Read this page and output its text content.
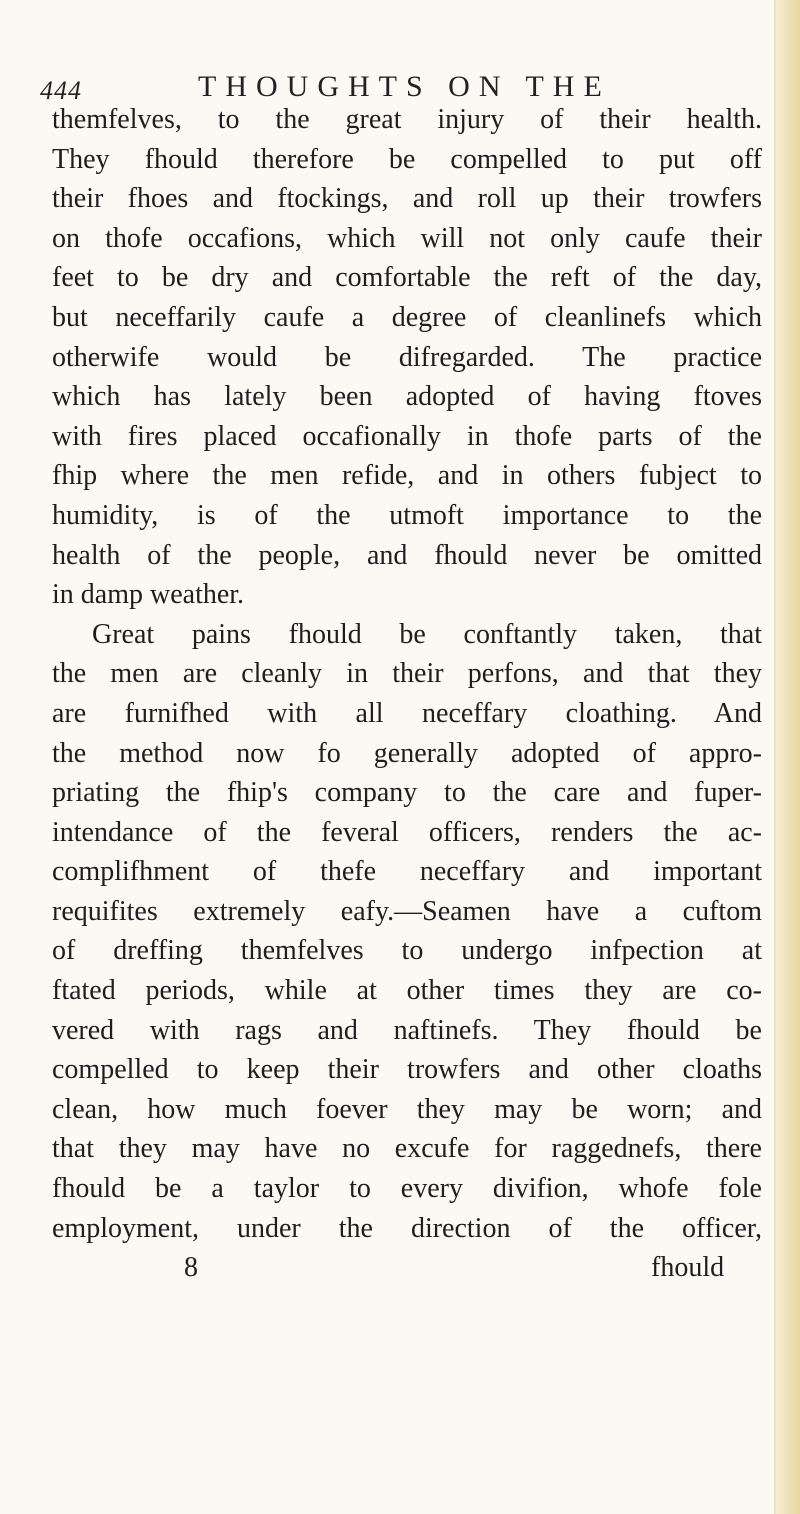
444	THOUGHTS ON THE
themfelves, to the great injury of their health.
They fhould therefore be compelled to put off
their fhoes and ftockings, and roll up their trowfers
on thofe occafions, which will not only caufe their
feet to be dry and comfortable the reft of the day,
but neceffarily caufe a degree of cleanlinefs which
otherwife would be difregarded. The practice
which has lately been adopted of having ftoves
with fires placed occafionally in thofe parts of the
fhip where the men refide, and in others fubject to
humidity, is of the utmoft importance to the
health of the people, and fhould never be omitted
in damp weather.
Great pains fhould be conftantly taken, that
the men are cleanly in their perfons, and that they
are furnifhed with all neceffary cloathing. And
the method now fo generally adopted of appro-
priating the fhip's company to the care and fuper-
intendance of the feveral officers, renders the ac-
complifhment of thefe neceffary and important
requifites extremely eafy.—Seamen have a cuftom
of dreffing themfelves to undergo infpection at
ftated periods, while at other times they are co-
vered with rags and naftinefs. They fhould be
compelled to keep their trowfers and other cloaths
clean, how much foever they may be worn; and
that they may have no excufe for raggednefs, there
fhould be a taylor to every divifion, whofe fole
employment, under the direction of the officer,
8	fhould
